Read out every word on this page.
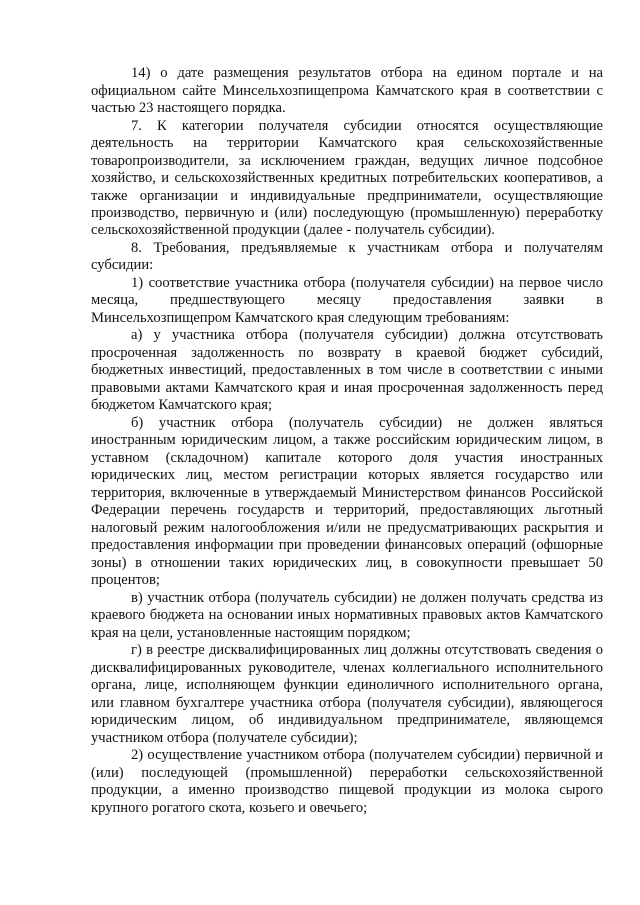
14) о дате размещения результатов отбора на едином портале и на
официальном сайте Минсельхозпищепрома Камчатского края в соответствии с
частью 23 настоящего порядка.
7. К категории получателя субсидии относятся осуществляющие
деятельность на территории Камчатского края сельскохозяйственные
товаропроизводители, за исключением граждан, ведущих личное подсобное
хозяйство, и сельскохозяйственных кредитных потребительских кооперативов, а
также организации и индивидуальные предприниматели, осуществляющие
производство, первичную и (или) последующую (промышленную) переработку
сельскохозяйственной продукции (далее - получатель субсидии).
8. Требования, предъявляемые к участникам отбора и получателям
субсидии:
1) соответствие участника отбора (получателя субсидии) на первое число
месяца, предшествующего месяцу предоставления заявки в
Минсельхозпищепром Камчатского края следующим требованиям:
а) у участника отбора (получателя субсидии) должна отсутствовать
просроченная задолженность по возврату в краевой бюджет субсидий,
бюджетных инвестиций, предоставленных в том числе в соответствии с иными
правовыми актами Камчатского края и иная просроченная задолженность перед
бюджетом Камчатского края;
б) участник отбора (получатель субсидии) не должен являться
иностранным юридическим лицом, а также российским юридическим лицом, в
уставном (складочном) капитале которого доля участия иностранных
юридических лиц, местом регистрации которых является государство или
территория, включенные в утверждаемый Министерством финансов Российской
Федерации перечень государств и территорий, предоставляющих льготный
налоговый режим налогообложения и/или не предусматривающих раскрытия и
предоставления информации при проведении финансовых операций (офшорные
зоны) в отношении таких юридических лиц, в совокупности превышает 50
процентов;
в) участник отбора (получатель субсидии) не должен получать средства из
краевого бюджета на основании иных нормативных правовых актов Камчатского
края на цели, установленные настоящим порядком;
г) в реестре дисквалифицированных лиц должны отсутствовать сведения о
дисквалифицированных руководителе, членах коллегиального исполнительного
органа, лице, исполняющем функции единоличного исполнительного органа,
или главном бухгалтере участника отбора (получателя субсидии), являющегося
юридическим лицом, об индивидуальном предпринимателе, являющемся
участником отбора (получателе субсидии);
2) осуществление участником отбора (получателем субсидии) первичной и
(или) последующей (промышленной) переработки сельскохозяйственной
продукции, а именно производство пищевой продукции из молока сырого
крупного рогатого скота, козьего и овечьего;
